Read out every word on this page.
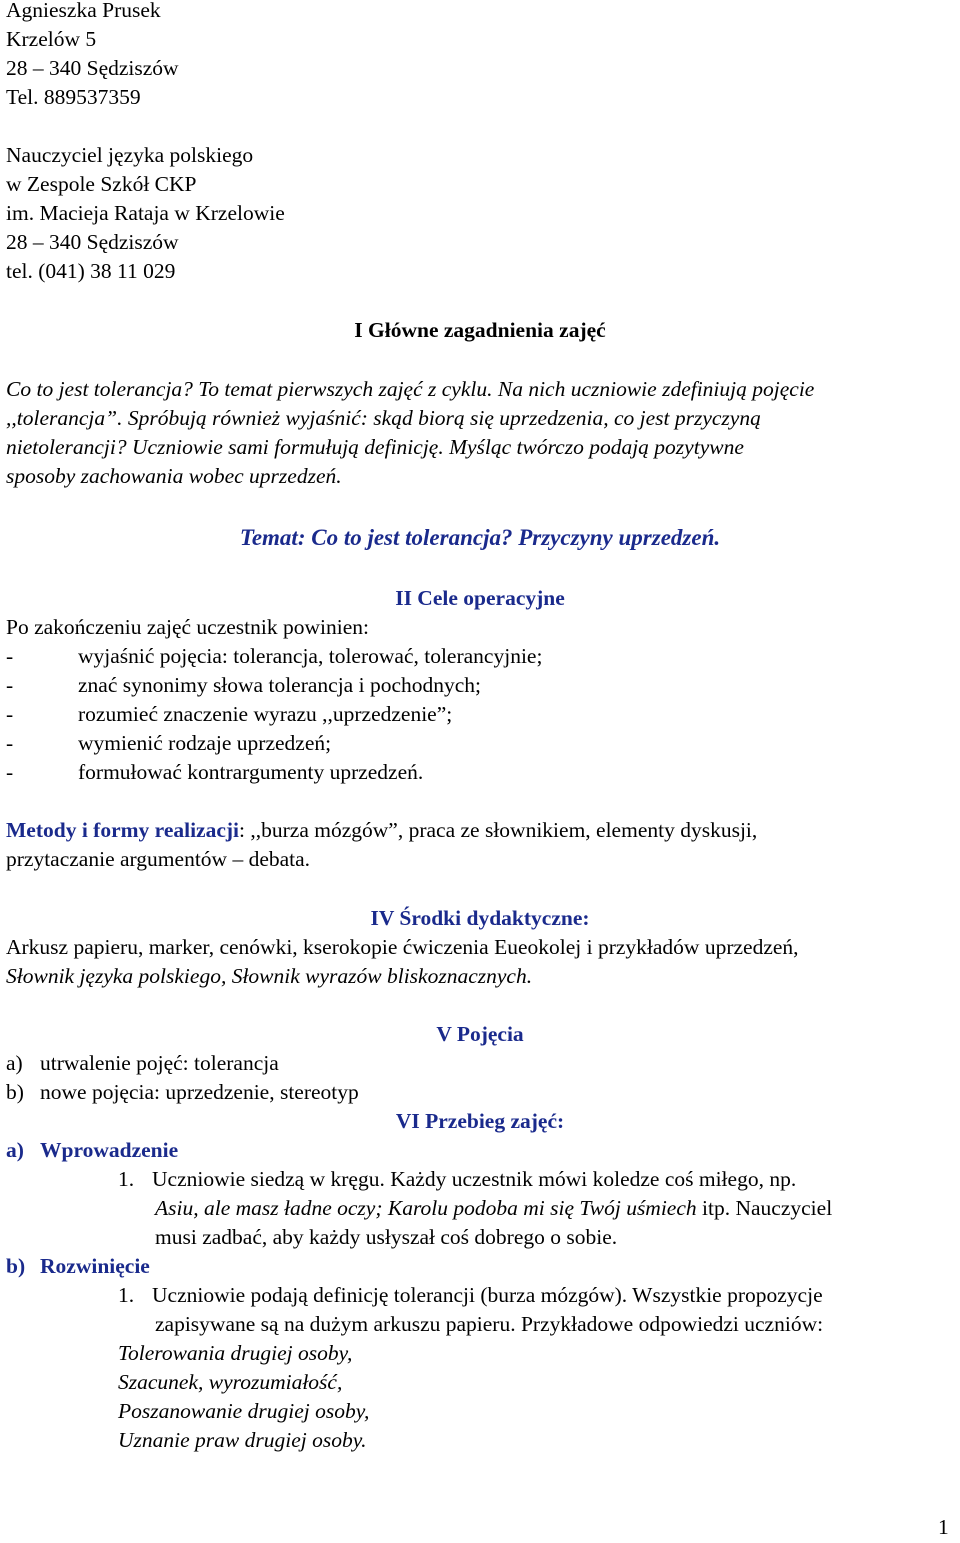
Agnieszka Prusek
Krzelów 5
28 – 340 Sędziszów
Tel. 889537359
Nauczyciel języka polskiego
w Zespole Szkół CKP
im. Macieja Rataja w Krzelowie
28 – 340 Sędziszów
tel. (041) 38 11 029
I Główne zagadnienia zajęć
Co to jest tolerancja? To temat pierwszych zajęć z cyklu. Na nich uczniowie zdefiniują pojęcie
,,tolerancja”. Spróbują również wyjaśnić: skąd biorą się uprzedzenia, co jest przyczyną
nietolerancji? Uczniowie sami formułują definicję. Myśląc twórczo podają pozytywne
sposoby zachowania wobec uprzedzeń.
Temat: Co to jest tolerancja? Przyczyny uprzedzeń.
II Cele operacyjne
Po zakończeniu zajęć uczestnik powinien:
-	wyjaśnić pojęcia: tolerancja, tolerować, tolerancyjnie;
-	znać synonimy słowa tolerancja i pochodnych;
-	rozumieć znaczenie wyrazu ,,uprzedzenie”;
-	wymienić rodzaje uprzedzeń;
-	formułować kontrargumenty uprzedzeń.
Metody i formy realizacji: ,,burza mózgów”, praca ze słownikiem, elementy dyskusji,
przytaczanie argumentów – debata.
IV Środki dydaktyczne:
Arkusz papieru, marker, cenówki, kserokopie ćwiczenia Eueokolej i przykładów uprzedzeń,
Słownik języka polskiego, Słownik wyrazów bliskoznacznych.
V Pojęcia
a) utrwalenie pojęć: tolerancja
b) nowe pojęcia: uprzedzenie, stereotyp
VI Przebieg zajęć:
a) Wprowadzenie
1. Uczniowie siedzą w kręgu. Każdy uczestnik mówi koledze coś miłego, np.
Asiu, ale masz ładne oczy; Karolu podoba mi się Twój uśmiech itp. Nauczyciel
musi zadbać, aby każdy usłyszał coś dobrego o sobie.
b) Rozwinięcie
1. Uczniowie podają definicję tolerancji (burza mózgów). Wszystkie propozycje
zapisywane są na dużym arkuszu papieru. Przykładowe odpowiedzi uczniów:
Tolerowania drugiej osoby,
Szacunek, wyrozumiałość,
Poszanowanie drugiej osoby,
Uznanie praw drugiej osoby.
1
